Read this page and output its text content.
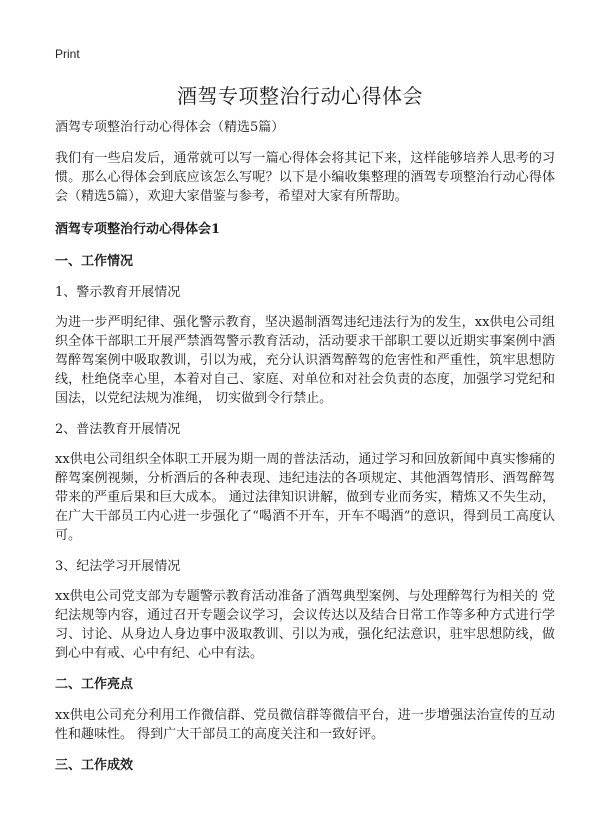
Print
酒驾专项整治行动心得体会

酒驾专项整治行动心得体会（精选5篇）

我们有一些启发后，通常就可以写一篇心得体会将其记下来，这样能够培养人思考的习惯。那么心得体会到底应该怎么写呢？以下是小编收集整理的酒驾专项整治行动心得体会（精选5篇），欢迎大家借鉴与参考，希望对大家有所帮助。

酒驾专项整治行动心得体会1

一、工作情况

1、警示教育开展情况

为进一步严明纪律、强化警示教育，坚决遏制酒驾违纪违法行为的发生，xx供电公司组织全体干部职工开展严禁酒驾警示教育活动，活动要求干部职工要以近期实事案例中酒驾醉驾案例中吸取教训，引以为戒，充分认识酒驾醉驾的危害性和严重性，筑牢思想防线，杜绝侥幸心里，本着对自己、家庭、对单位和对社会负责的态度，加强学习党纪和国法，以党纪法规为准绳， 切实做到令行禁止。

2、普法教育开展情况

xx供电公司组织全体职工开展为期一周的普法活动，通过学习和回放新闻中真实惨痛的醉驾案例视频，分析酒后的各种表现、违纪违法的各项规定、其他酒驾情形、酒驾醉驾带来的严重后果和巨大成本。 通过法律知识讲解，做到专业而务实，精炼又不失生动，在广大干部员工内心进一步强化了“喝酒不开车，开车不喝酒”的意识，得到员工高度认可。

3、纪法学习开展情况

xx供电公司党支部为专题警示教育活动准备了酒驾典型案例、与处理醉驾行为相关的 党纪法规等内容，通过召开专题会议学习，会议传达以及结合日常工作等多种方式进行学习、讨论、从身边人身边事中汲取教训、引以为戒，强化纪法意识，驻牢思想防线，做到心中有戒、心中有纪、心中有法。

二、工作亮点

xx供电公司充分利用工作微信群、党员微信群等微信平台，进一步增强法治宣传的互动性和趣味性。 得到广大干部员工的高度关注和一致好评。

三、工作成效
